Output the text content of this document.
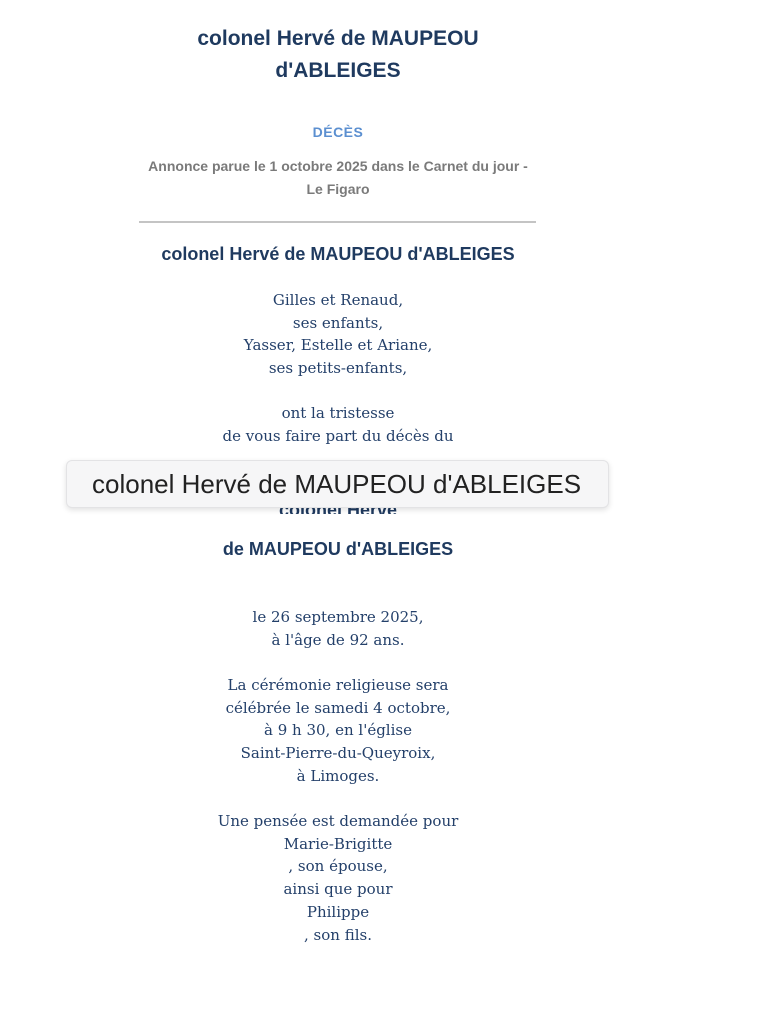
colonel Hervé de MAUPEOU
d'ABLEIGES
DÉCÈS
Annonce parue le 1 octobre 2025 dans le Carnet du jour -
Le Figaro
colonel Hervé de MAUPEOU d'ABLEIGES
Gilles et Renaud,
ses enfants,
Yasser, Estelle et Ariane,
ses petits-enfants,
ont la tristesse
de vous faire part du décès du
de MAUPEOU d'ABLEIGES
le 26 septembre 2025,
à l'âge de 92 ans.
La cérémonie religieuse sera
célébrée le samedi 4 octobre,
à 9 h 30, en l'église
Saint-Pierre-du-Queyroix,
à Limoges.
Une pensée est demandée pour
Marie-Brigitte
, son épouse,
ainsi que pour
Philippe
, son fils.
colonel Hervé de MAUPEOU d'ABLEIGES
